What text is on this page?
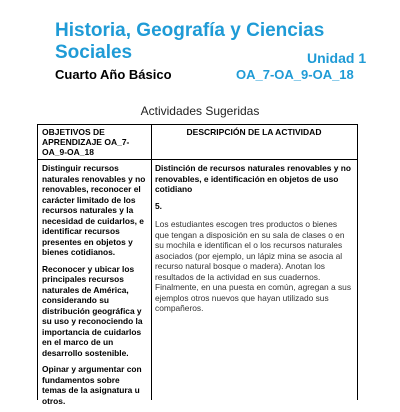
Historia, Geografía y Ciencias Sociales	Unidad 1
Cuarto Año Básico	OA_7-OA_9-OA_18
Actividades Sugeridas
OBJETIVOS DE APRENDIZAJE OA_7-OA_9-OA_18
DESCRIPCIÓN DE LA ACTIVIDAD

Distinguir recursos naturales renovables y no renovables, reconocer el carácter limitado de los recursos naturales y la necesidad de cuidarlos, e identificar recursos presentes en objetos y bienes cotidianos.

Reconocer y ubicar los principales recursos naturales de América, considerando su distribución geográfica y su uso y reconociendo la importancia de cuidarlos en el marco de un desarrollo sostenible.

Opinar y argumentar con fundamentos sobre temas de la asignatura u otros.

Distinción de recursos naturales renovables y no renovables, e identificación en objetos de uso cotidiano

5.

Los estudiantes escogen tres productos o bienes que tengan a disposición en su sala de clases o en su mochila e identifican el o los recursos naturales asociados (por ejemplo, un lápiz mina se asocia al recurso natural bosque o madera). Anotan los resultados de la actividad en sus cuadernos. Finalmente, en una puesta en común, agregan a sus ejemplos otros nuevos que hayan utilizado sus compañeros.
